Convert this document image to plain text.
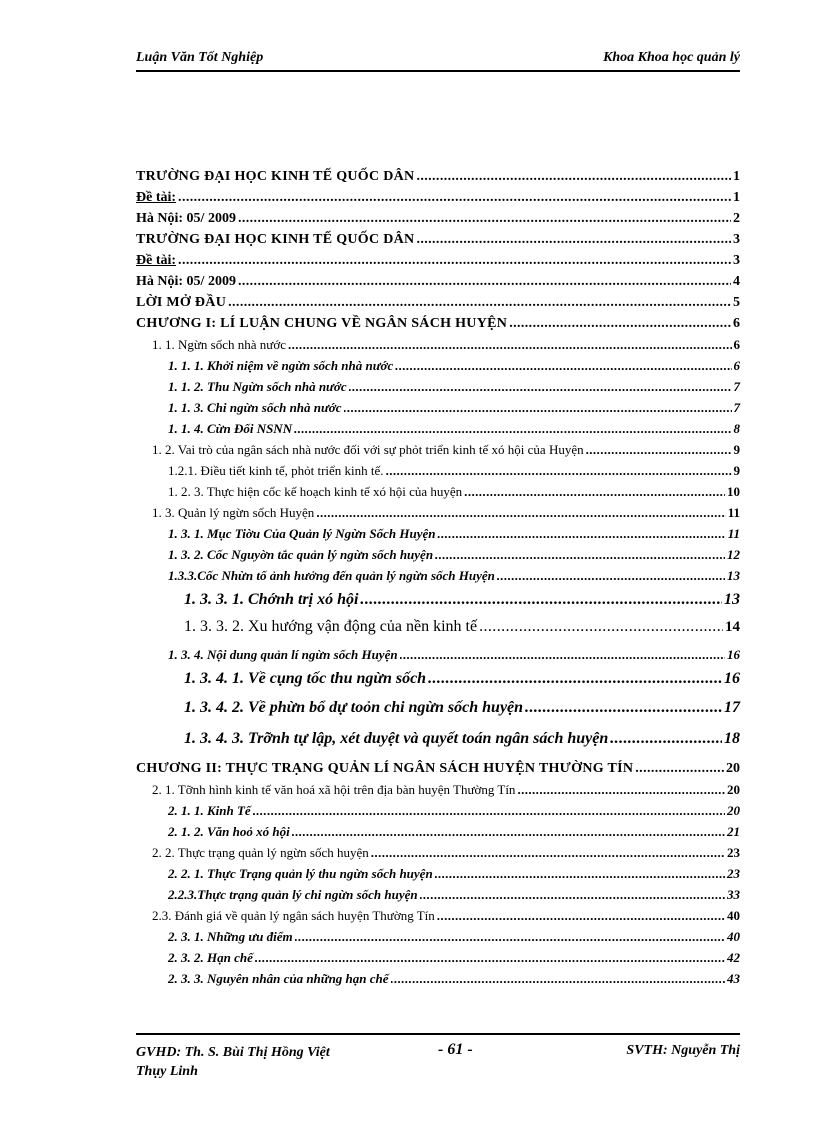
Luận Văn Tốt Nghiệp	Khoa Khoa học quản lý
TRƯỜNG ĐẠI HỌC KINH TẾ QUỐC DÂN .....	1
Đề tài: .....	1
Hà Nội: 05/ 2009 .....	2
TRƯỜNG ĐẠI HỌC KINH TẾ QUỐC DÂN .....	3
Đề tài: .....	3
Hà Nội: 05/ 2009 .....	4
LỜI MỞ ĐẦU .....	5
CHƯƠNG I: LÍ LUẬN CHUNG VỀ NGÂN SÁCH HUYỆN .....	6
1. 1. Ngừn sốch nhà nước .....	6
1. 1. 1. Khởi niệm về ngừn sốch nhà nước .....	6
1. 1. 2. Thu Ngừn sốch nhà nước .....	7
1. 1. 3. Chi ngừn sốch nhà nước .....	7
1. 1. 4. Cừn Đối NSNN .....	8
1. 2. Vai trò của ngân sách nhà nước đối với sự phỏt triển kinh tế xó hội của Huyện .....	9
1.2.1. Điều tiết kinh tế, phỏt triển kinh tế. .....	9
1. 2. 3. Thực hiện cốc kế hoạch kinh tế xó hội của huyện .....	10
1. 3. Quản lý ngừn sốch Huyện .....	11
1. 3. 1. Mục Tiờu Của Quản lý Ngừn Sốch Huyện .....	11
1. 3. 2. Cốc Nguyờn tắc quản lý ngừn sốch huyện .....	12
1.3.3.Cốc Nhừn tố ảnh hưởng đến quản lý ngừn sốch Huyện .....	13
1. 3. 3. 1. Chớnh trị xó hội .....	13
1. 3. 3. 2. Xu hướng vận động của nền kinh tế .....	14
1. 3. 4. Nội dung quản lí ngừn sốch Huyện .....	16
1. 3. 4. 1. Về cụng tốc thu ngừn sốch .....	16
1. 3. 4. 2. Về phừn bổ dự toỏn chi ngừn sốch huyện .....	17
1. 3. 4. 3. Trỡnh tự lập, xét duyệt và quyết toán ngân sách huyện .....	18
CHƯƠNG II: THỰC TRẠNG QUẢN LÍ NGÂN SÁCH HUYỆN THƯỜNG TÍN .....	20
2. 1. Tỡnh hình kinh tế văn hoá xã hội trên địa bàn huyện Thường Tín .....	20
2. 1. 1. Kinh Tế .....	20
2. 1. 2. Văn hoỏ xó hội .....	21
2. 2. Thực trạng quản lý ngừn sốch huyện .....	23
2. 2. 1. Thực Trạng quản lý thu ngừn sốch huyện .....	23
2.2.3.Thực trạng quản lý chi ngừn sốch huyện .....	33
2.3. Đánh giá về quản lý ngân sách huyện Thường Tín .....	40
2. 3. 1. Những ưu điểm .....	40
2. 3. 2. Hạn chế .....	42
2. 3. 3. Nguyên nhân của những hạn chế .....	43
GVHD: Th. S. Bùi Thị Hồng Việt
Thụy Linh
- 61 -	SVTH: Nguyễn Thị
